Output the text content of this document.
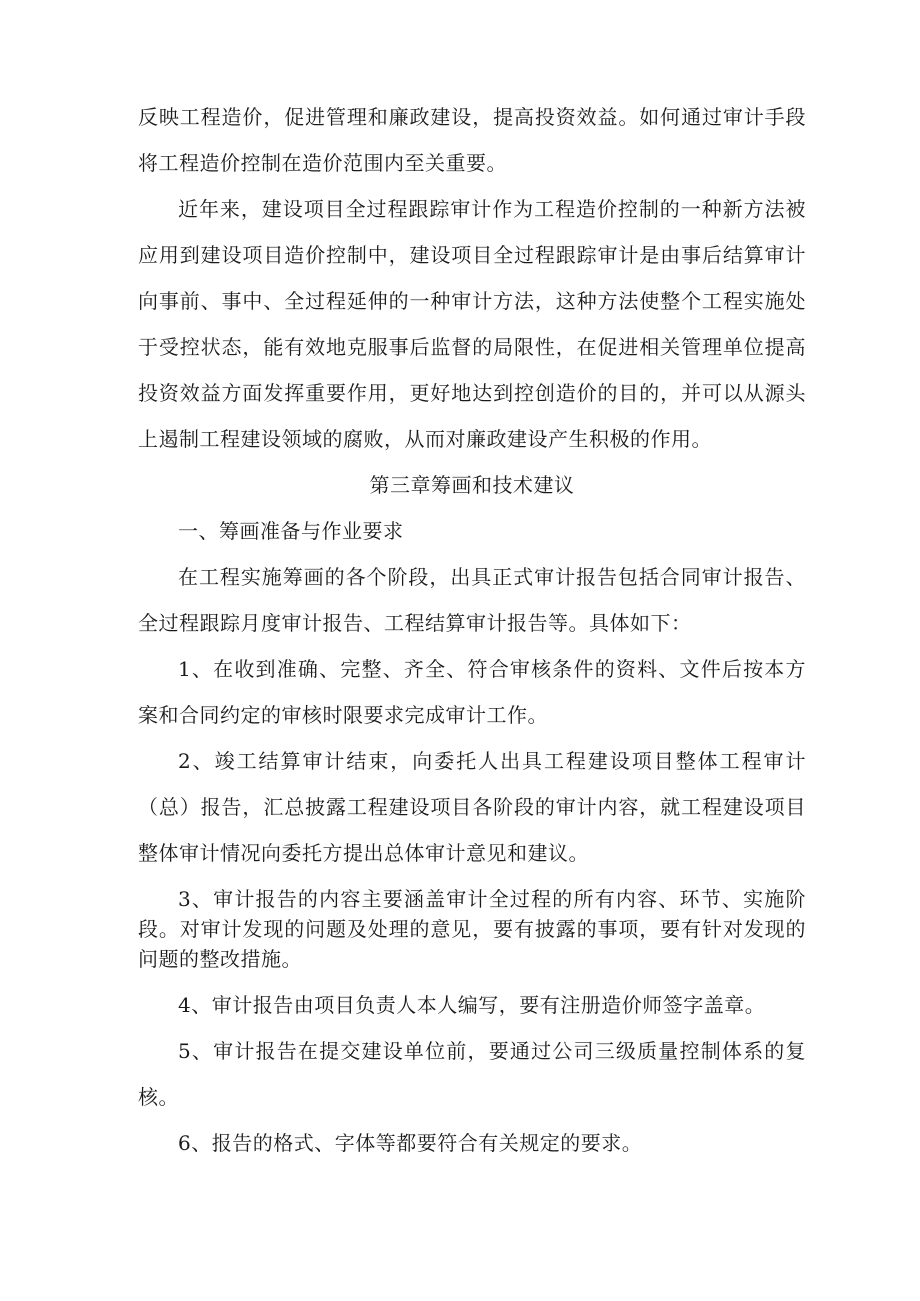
反映工程造价，促进管理和廉政建设，提高投资效益。如何通过审计手段将工程造价控制在造价范围内至关重要。

近年来，建设项目全过程跟踪审计作为工程造价控制的一种新方法被应用到建设项目造价控制中，建设项目全过程跟踪审计是由事后结算审计向事前、事中、全过程延伸的一种审计方法，这种方法使整个工程实施处于受控状态，能有效地克服事后监督的局限性，在促进相关管理单位提高投资效益方面发挥重要作用，更好地达到控创造价的目的，并可以从源头上遏制工程建设领域的腐败，从而对廉政建设产生积极的作用。

第三章筹画和技术建议

一、筹画准备与作业要求

在工程实施筹画的各个阶段，出具正式审计报告包括合同审计报告、全过程跟踪月度审计报告、工程结算审计报告等。具体如下：

1、在收到准确、完整、齐全、符合审核条件的资料、文件后按本方案和合同约定的审核时限要求完成审计工作。

2、竣工结算审计结束，向委托人出具工程建设项目整体工程审计（总）报告，汇总披露工程建设项目各阶段的审计内容，就工程建设项目整体审计情况向委托方提出总体审计意见和建议。

3、审计报告的内容主要涵盖审计全过程的所有内容、环节、实施阶段。对审计发现的问题及处理的意见，要有披露的事项，要有针对发现的问题的整改措施。

4、审计报告由项目负责人本人编写，要有注册造价师签字盖章。

5、审计报告在提交建设单位前，要通过公司三级质量控制体系的复核。

6、报告的格式、字体等都要符合有关规定的要求。
